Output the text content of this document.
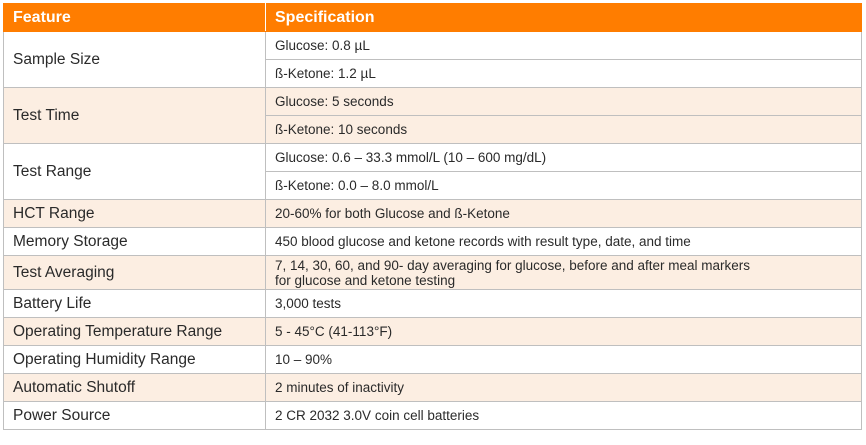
Feature	Specification
Sample Size	Glucose: 0.8 µL
	ß-Ketone: 1.2 µL
Test Time	Glucose: 5 seconds
	ß-Ketone: 10 seconds
Test Range	Glucose: 0.6 – 33.3 mmol/L (10 – 600 mg/dL)
	ß-Ketone: 0.0 – 8.0 mmol/L
HCT Range	20-60% for both Glucose and ß-Ketone
Memory Storage	450 blood glucose and ketone records with result type, date, and time
Test Averaging	7, 14, 30, 60, and 90- day averaging for glucose, before and after meal markers
for glucose and ketone testing

Battery Life	3,000 tests
Operating Temperature Range	5 - 45°C (41-113°F)
Operating Humidity Range	10 – 90%
Automatic Shutoff	2 minutes of inactivity
Power Source	2 CR 2032 3.0V coin cell batteries
